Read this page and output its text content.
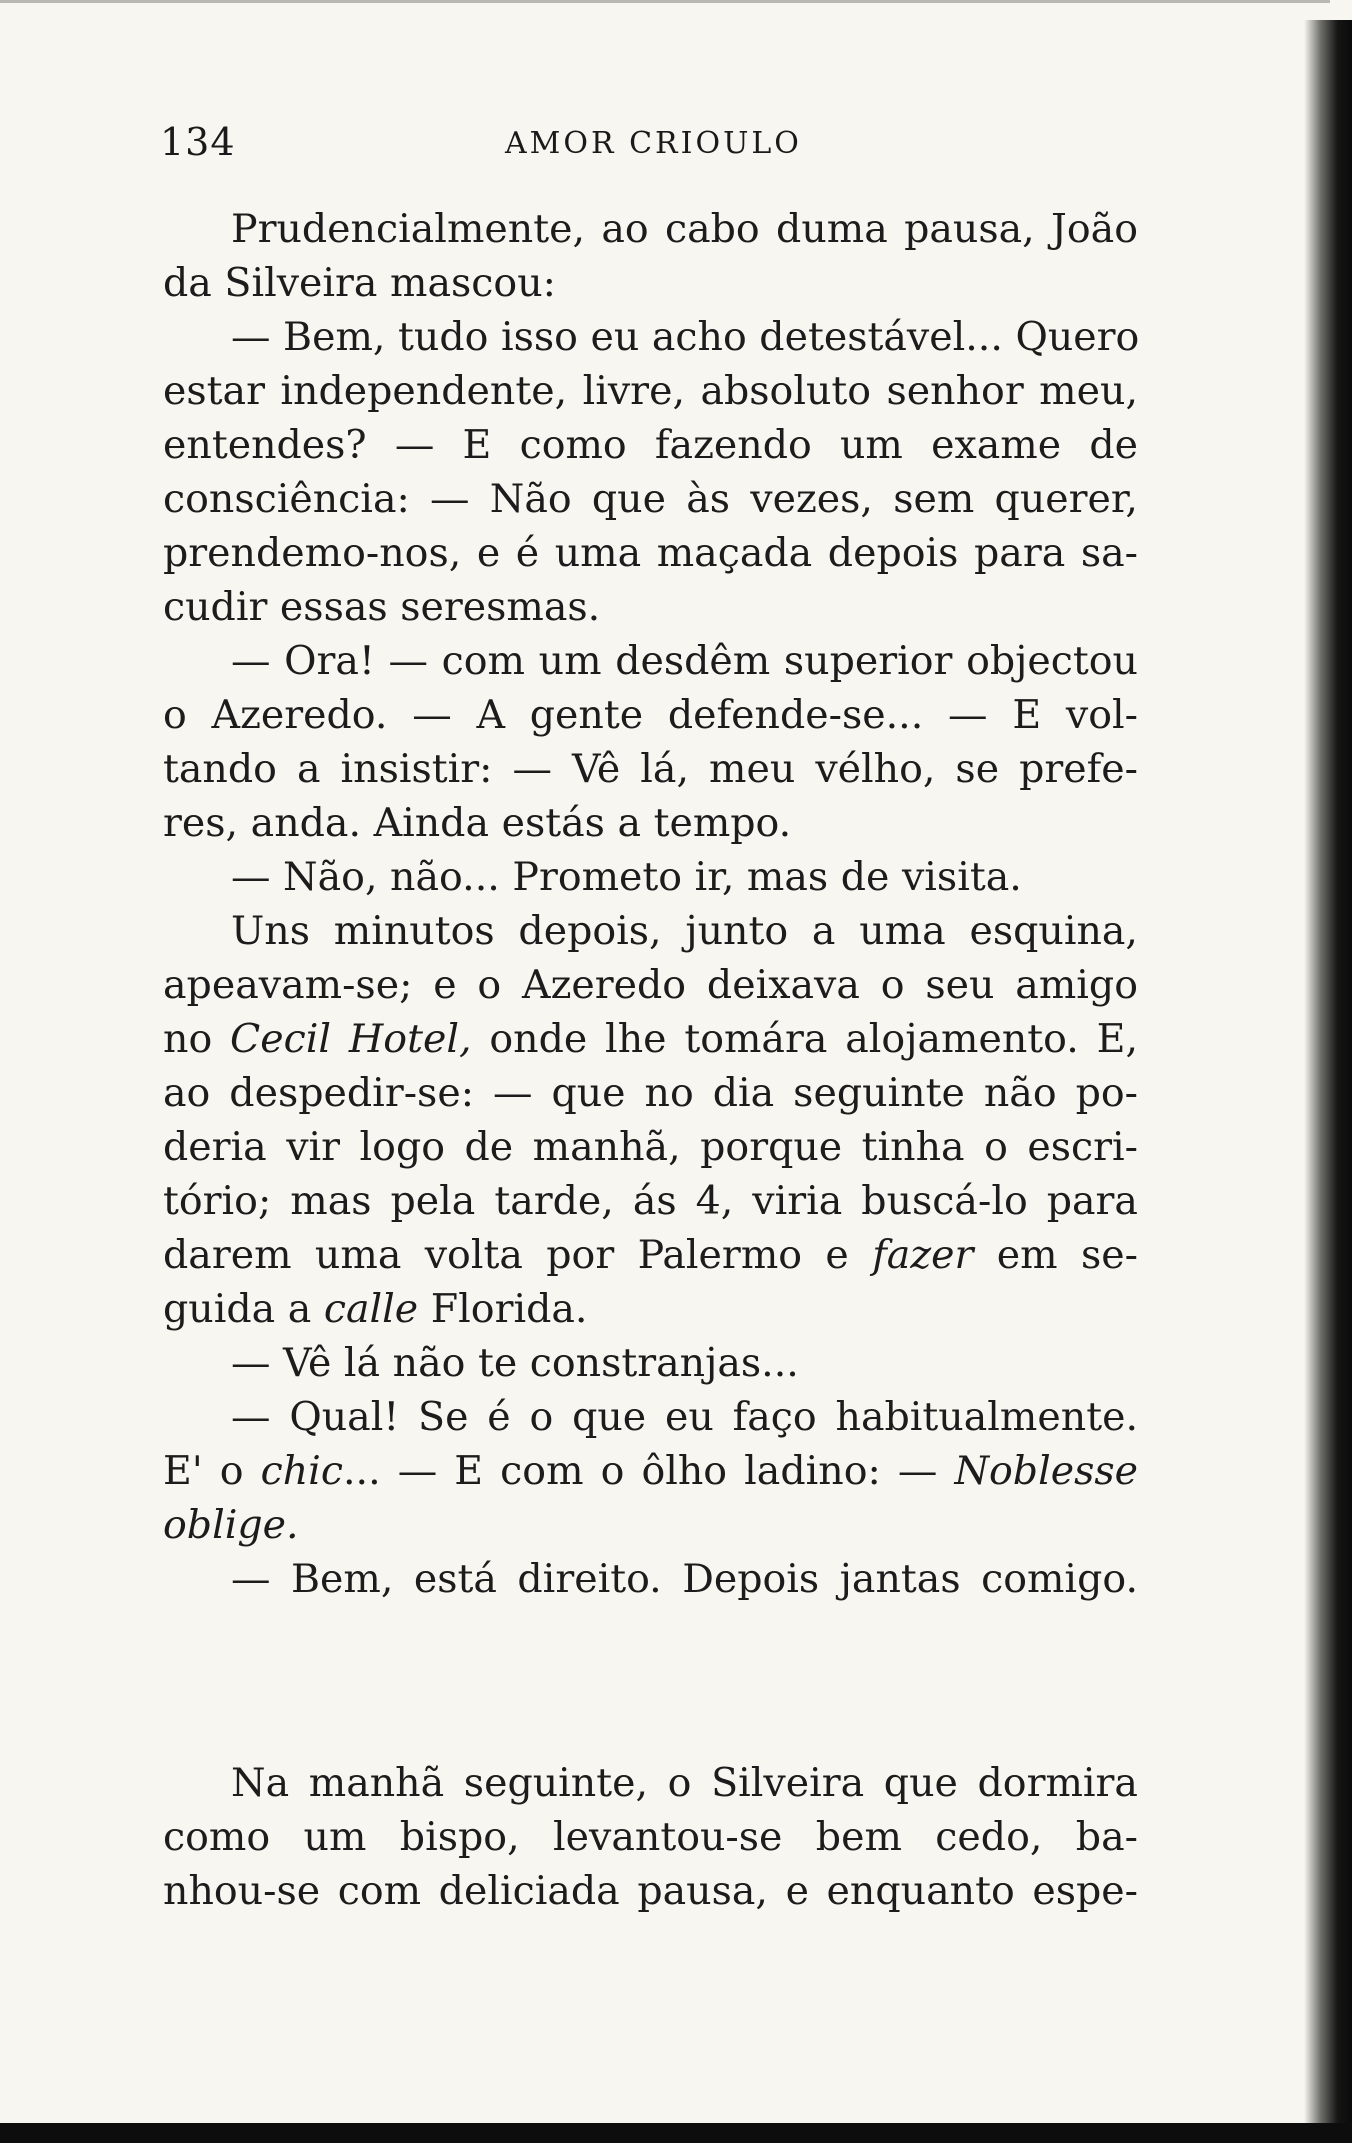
134	AMOR CRIOULO
Prudencialmente, ao cabo duma pausa, João
da Silveira mascou:
— Bem, tudo isso eu acho detestável... Quero
estar independente, livre, absoluto senhor meu,
entendes? — E como fazendo um exame de
consciência: — Não que às vezes, sem querer,
prendemo-nos, e é uma maçada depois para sa-
cudir essas seresmas.
— Ora! — com um desdêm superior objectou
o Azeredo. — A gente defende-se... — E vol-
tando a insistir: — Vê lá, meu vélho, se prefe-
res, anda. Ainda estás a tempo.
— Não, não... Prometo ir, mas de visita.
Uns minutos depois, junto a uma esquina,
apeavam-se; e o Azeredo deixava o seu amigo
no Cecil Hotel, onde lhe tomára alojamento. E,
ao despedir-se: — que no dia seguinte não po-
deria vir logo de manhã, porque tinha o escri-
tório; mas pela tarde, ás 4, viria buscá-lo para
darem uma volta por Palermo e fazer em se-
guida a calle Florida.
— Vê lá não te constranjas...
— Qual! Se é o que eu faço habitualmente.
E' o chic... — E com o ôlho ladino: — Noblesse
oblige.
— Bem, está direito. Depois jantas comigo.
Na manhã seguinte, o Silveira que dormira
como um bispo, levantou-se bem cedo, ba-
nhou-se com deliciada pausa, e enquanto espe-
